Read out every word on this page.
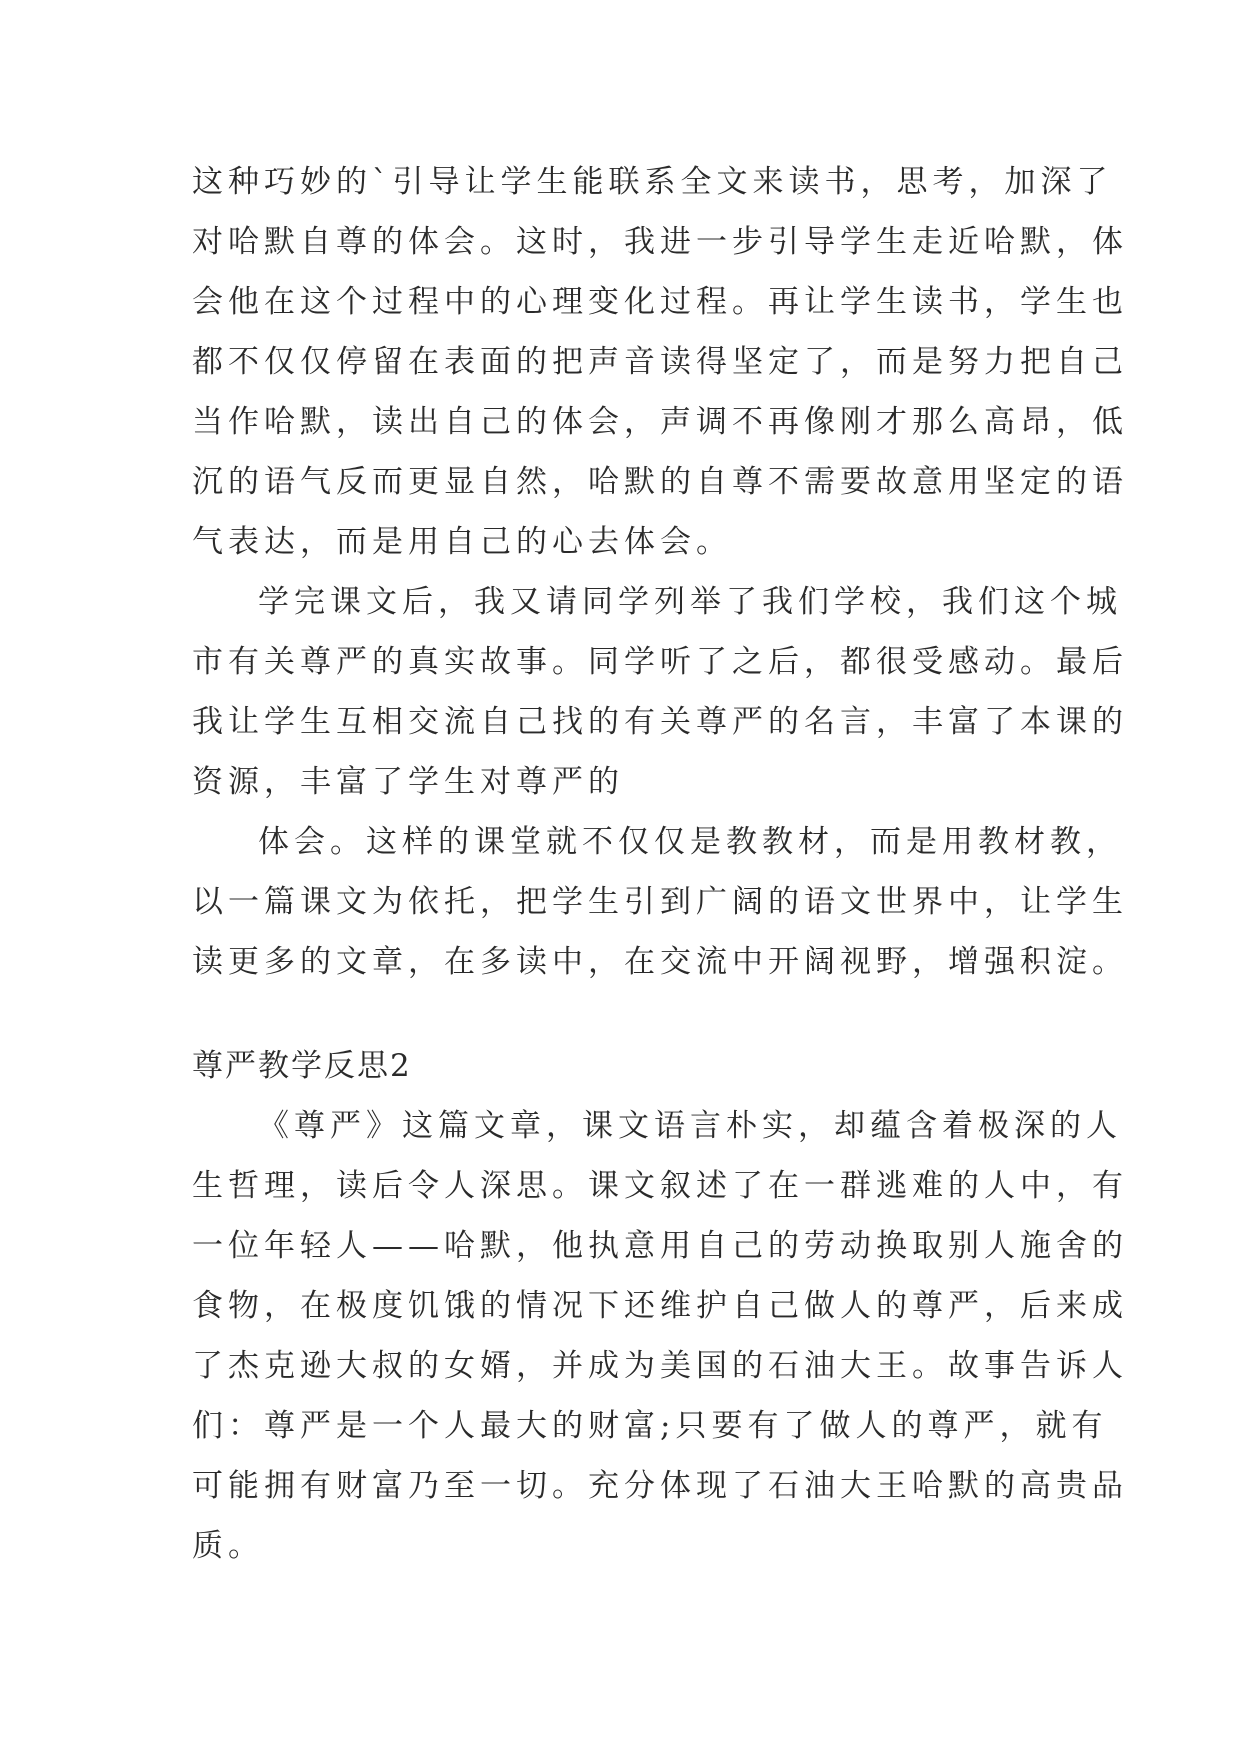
这种巧妙的`引导让学生能联系全文来读书，思考，加深了
对哈默自尊的体会。这时，我进一步引导学生走近哈默，体
会他在这个过程中的心理变化过程。再让学生读书，学生也
都不仅仅停留在表面的把声音读得坚定了，而是努力把自己
当作哈默，读出自己的体会，声调不再像刚才那么高昂，低
沉的语气反而更显自然，哈默的自尊不需要故意用坚定的语
气表达，而是用自己的心去体会。
学完课文后，我又请同学列举了我们学校，我们这个城
市有关尊严的真实故事。同学听了之后，都很受感动。最后
我让学生互相交流自己找的有关尊严的名言，丰富了本课的
资源，丰富了学生对尊严的
体会。这样的课堂就不仅仅是教教材，而是用教材教，
以一篇课文为依托，把学生引到广阔的语文世界中，让学生
读更多的文章，在多读中，在交流中开阔视野，增强积淀。
尊严教学反思2
《尊严》这篇文章，课文语言朴实，却蕴含着极深的人
生哲理，读后令人深思。课文叙述了在一群逃难的人中，有
一位年轻人——哈默，他执意用自己的劳动换取别人施舍的
食物，在极度饥饿的情况下还维护自己做人的尊严，后来成
了杰克逊大叔的女婿，并成为美国的石油大王。故事告诉人
们：尊严是一个人最大的财富;只要有了做人的尊严，就有
可能拥有财富乃至一切。充分体现了石油大王哈默的高贵品
质。
